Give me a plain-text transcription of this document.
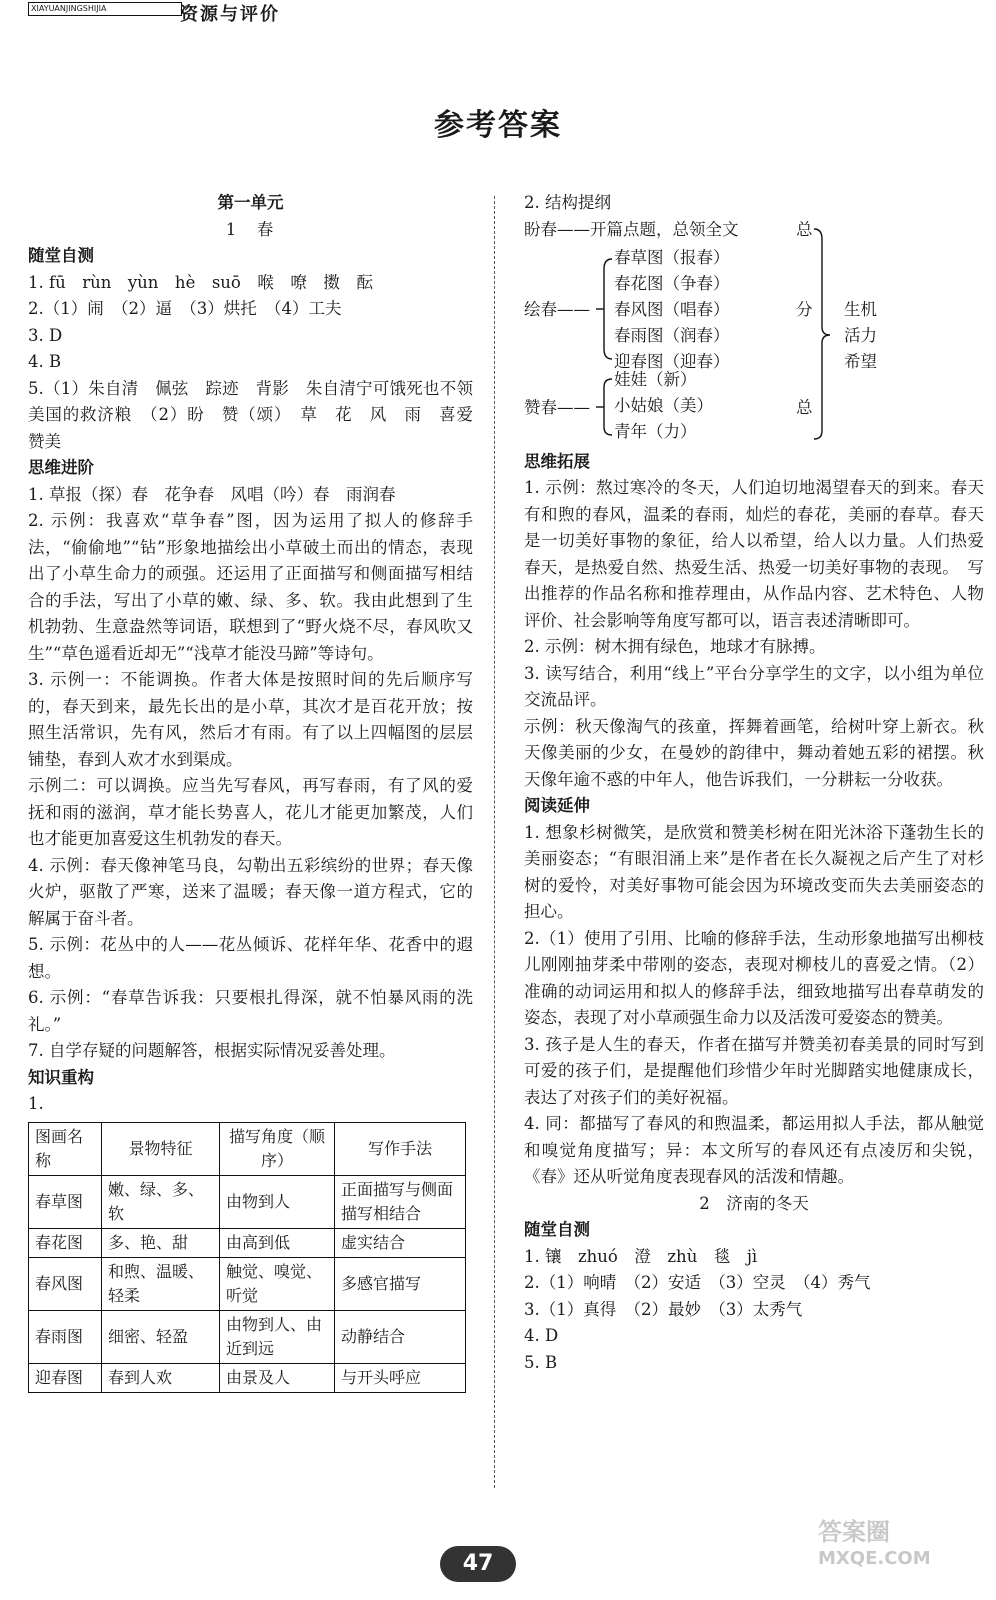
XIAYUANJINGSHIJIA	资源与评价
参考答案
第一单元
1　春
随堂自测

1. fū　rùn　yùn　hè　suō　喉　嘹　擞　酝

2.（1）闹　（2）逼　（3）烘托　（4）工夫

3. D

4. B

5.（1）朱自清　佩弦　踪迹　背影　朱自清宁可饿死也不领美国的救济粮　（2）盼　赞（颂）　草　花　风　雨　喜爱　赞美

思维进阶

1. 草报（探）春　花争春　风唱（吟）春　雨润春

2. 示例：我喜欢“草争春”图，因为运用了拟人的修辞手法，“偷偷地”“钻”形象地描绘出小草破土而出的情态，表现出了小草生命力的顽强。还运用了正面描写和侧面描写相结合的手法，写出了小草的嫩、绿、多、软。我由此想到了生机勃勃、生意盎然等词语，联想到了“野火烧不尽，春风吹又生”“草色遥看近却无”“浅草才能没马蹄”等诗句。

3. 示例一：不能调换。作者大体是按照时间的先后顺序写的，春天到来，最先长出的是小草，其次才是百花开放；按照生活常识，先有风，然后才有雨。有了以上四幅图的层层铺垫，春到人欢才水到渠成。

示例二：可以调换。应当先写春风，再写春雨，有了风的爱抚和雨的滋润，草才能长势喜人，花儿才能更加繁茂，人们也才能更加喜爱这生机勃发的春天。

4. 示例：春天像神笔马良，勾勒出五彩缤纷的世界；春天像火炉，驱散了严寒，送来了温暖；春天像一道方程式，它的解属于奋斗者。

5. 示例：花丛中的人——花丛倾诉、花样年华、花香中的遐想。

6. 示例：“春草告诉我：只要根扎得深，就不怕暴风雨的洗礼。”

7. 自学存疑的问题解答，根据实际情况妥善处理。

知识重构

1.

图画名称	景物特征	描写角度（顺序）	写作手法
春草图	嫩、绿、多、软	由物到人	正面描写与侧面描写相结合
春花图	多、艳、甜	由高到低	虚实结合
春风图	和煦、温暖、轻柔	触觉、嗅觉、听觉	多感官描写
春雨图	细密、轻盈	由物到人、由近到远	动静结合
迎春图	春到人欢	由景及人	与开头呼应

2. 结构提纲

盼春——开篇点题，总领全文	总
绘春——
春草图（报春）
春花图（争春）
春风图（唱春）
春雨图（润春）
迎春图（迎春）
分
赞春——
娃娃（新）
小姑娘（美）
青年（力）
总
生机
活力
希望
思维拓展

1. 示例：熬过寒冷的冬天，人们迫切地渴望春天的到来。春天有和煦的春风，温柔的春雨，灿烂的春花，美丽的春草。春天是一切美好事物的象征，给人以希望，给人以力量。人们热爱春天，是热爱自然、热爱生活、热爱一切美好事物的表现。　写出推荐的作品名称和推荐理由，从作品内容、艺术特色、人物评价、社会影响等角度写都可以，语言表述清晰即可。

2. 示例：树木拥有绿色，地球才有脉搏。

3. 读写结合，利用“线上”平台分享学生的文字，以小组为单位交流品评。

示例：秋天像淘气的孩童，挥舞着画笔，给树叶穿上新衣。秋天像美丽的少女，在曼妙的韵律中，舞动着她五彩的裙摆。秋天像年逾不惑的中年人，他告诉我们，一分耕耘一分收获。

阅读延伸

1. 想象杉树微笑，是欣赏和赞美杉树在阳光沐浴下蓬勃生长的美丽姿态；“有眼泪涌上来”是作者在长久凝视之后产生了对杉树的爱怜，对美好事物可能会因为环境改变而失去美丽姿态的担心。

2.（1）使用了引用、比喻的修辞手法，生动形象地描写出柳枝儿刚刚抽芽柔中带刚的姿态，表现对柳枝儿的喜爱之情。（2）准确的动词运用和拟人的修辞手法，细致地描写出春草萌发的姿态，表现了对小草顽强生命力以及活泼可爱姿态的赞美。

3. 孩子是人生的春天，作者在描写并赞美初春美景的同时写到可爱的孩子们，是提醒他们珍惜少年时光脚踏实地健康成长，表达了对孩子们的美好祝福。

4. 同：都描写了春风的和煦温柔，都运用拟人手法，都从触觉和嗅觉角度描写；异：本文所写的春风还有点凌厉和尖锐，《春》还从听觉角度表现春风的活泼和情趣。

2　济南的冬天
随堂自测

1. 镶　zhuó　澄　zhù　毯　jì

2.（1）响晴　（2）安适　（3）空灵　（4）秀气

3.（1）真得　（2）最妙　（3）太秀气

4. D

5. B

47
答案圈
MXQE.COM
